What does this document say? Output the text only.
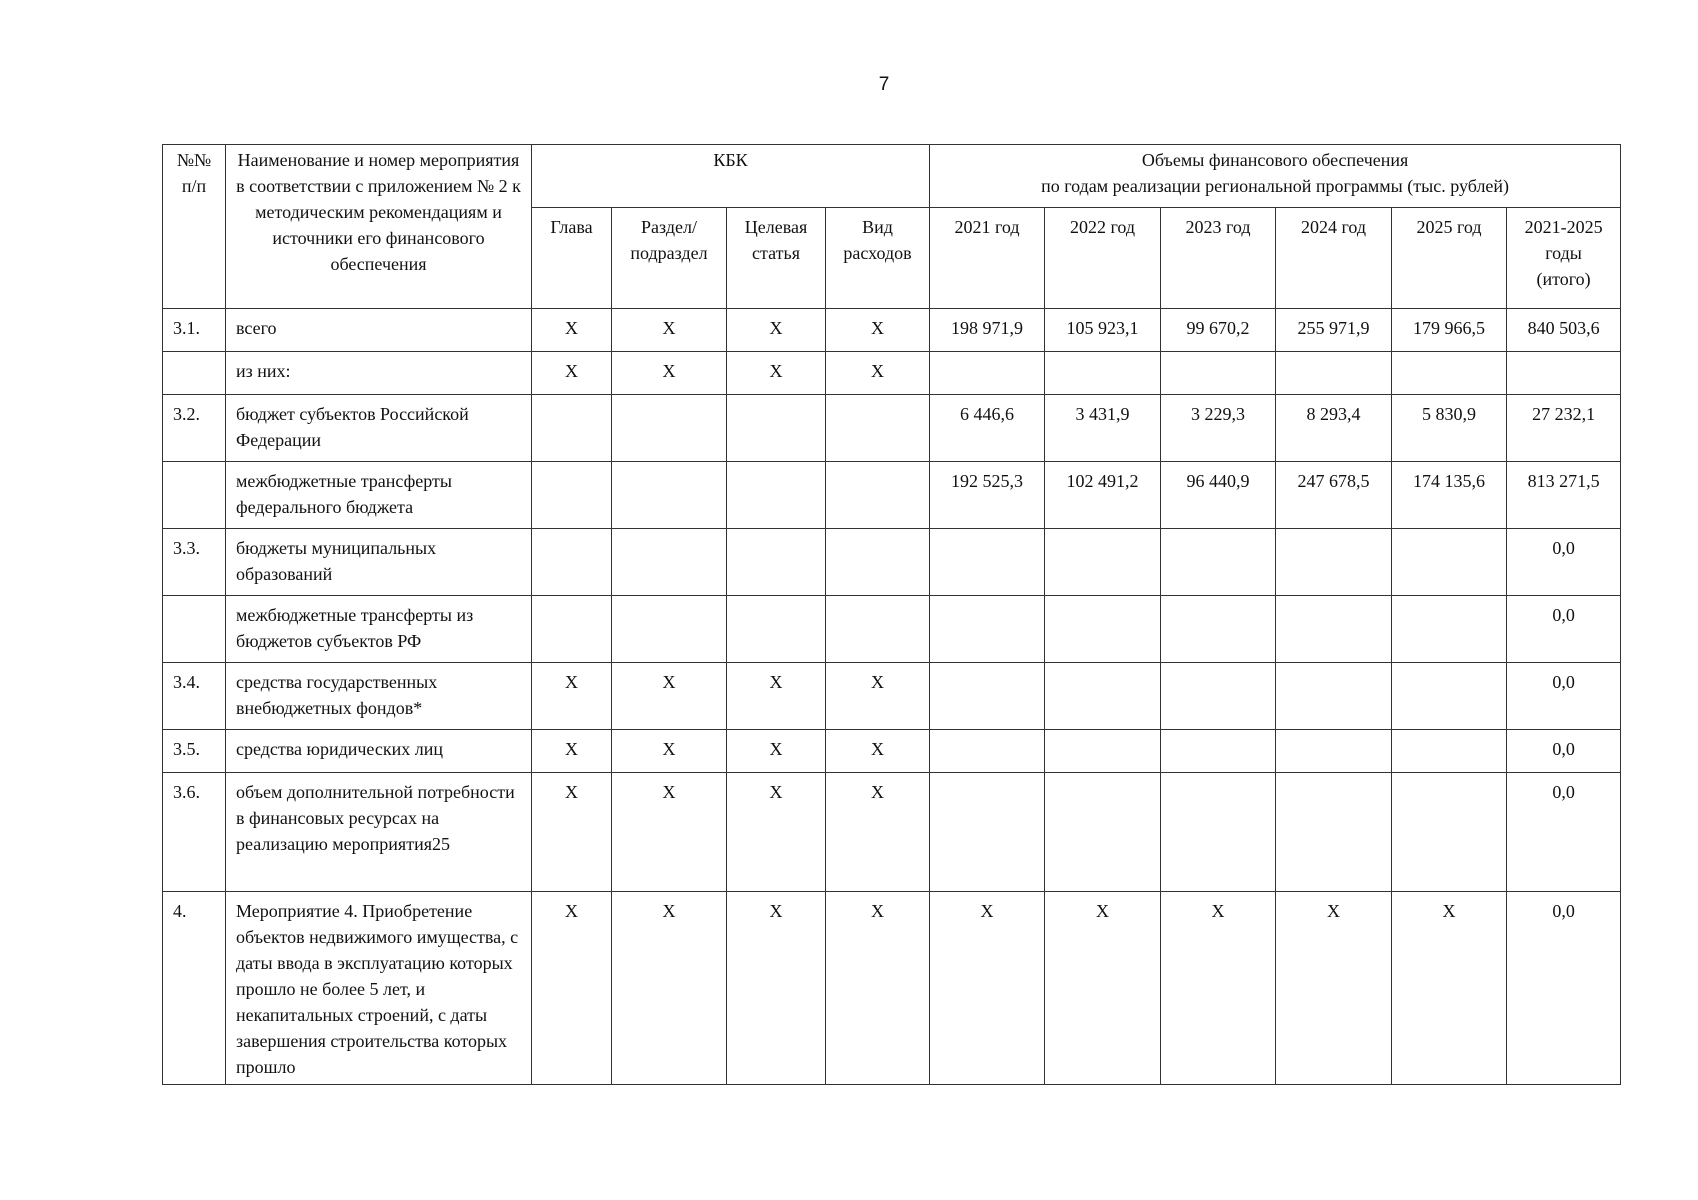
7
№№ п/п	Наименование и номер мероприятия в соответствии с приложением № 2 к методическим рекомендациям и источники его финансового обеспечения	КБК				Объемы финансового обеспечения
по годам реализации региональной программы (тыс. рублей)					

		Глава	Раздел/ подраздел	Целевая статья	Вид расходов	2021 год	2022 год	2023 год	2024 год	2025 год	2021-2025 годы (итого)
3.1.	всего	X	X	X	X	198 971,9	105 923,1	99 670,2	255 971,9	179 966,5	840 503,6
	из них:	X	X	X	X						
3.2.	бюджет субъектов Российской Федерации					6 446,6	3 431,9	3 229,3	8 293,4	5 830,9	27 232,1
	межбюджетные трансферты федерального бюджета					192 525,3	102 491,2	96 440,9	247 678,5	174 135,6	813 271,5
3.3.	бюджеты муниципальных образований										0,0
	межбюджетные трансферты из бюджетов субъектов РФ										0,0
3.4.	средства государственных внебюджетных фондов*	X	X	X	X						0,0
3.5.	средства юридических лиц	X	X	X	X						0,0
3.6.	объем дополнительной потребности в финансовых ресурсах на реализацию мероприятия25	X	X	X	X						0,0
4.	Мероприятие 4. Приобретение объектов недвижимого имущества, с даты ввода в эксплуатацию которых прошло не более 5 лет, и некапитальных строений, с даты завершения строительства которых прошло	X	X	X	X	X	X	X	X	X	0,0
